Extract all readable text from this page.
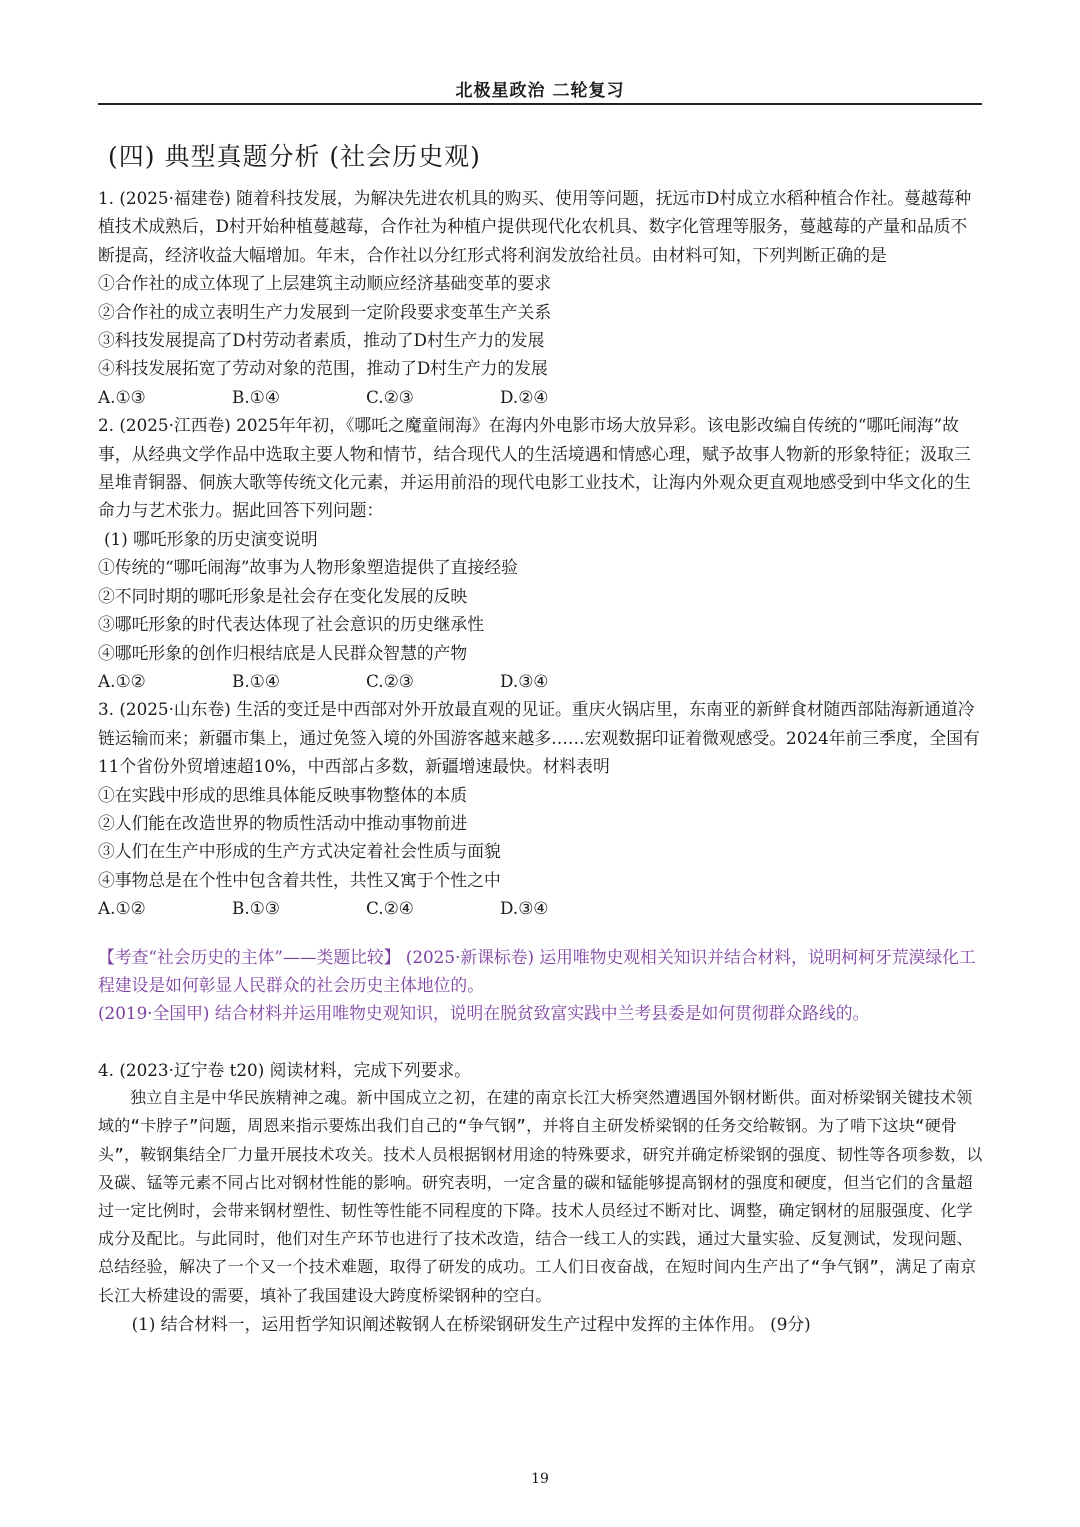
北极星政治 二轮复习
(四) 典型真题分析 (社会历史观)

1. (2025·福建卷) 随着科技发展，为解决先进农机具的购买、使用等问题，抚远市D村成立水稻种植合作社。蔓越莓种植技术成熟后，D村开始种植蔓越莓，合作社为种植户提供现代化农机具、数字化管理等服务，蔓越莓的产量和品质不断提高，经济收益大幅增加。年末，合作社以分红形式将利润发放给社员。由材料可知，下列判断正确的是

①合作社的成立体现了上层建筑主动顺应经济基础变革的要求

②合作社的成立表明生产力发展到一定阶段要求变革生产关系

③科技发展提高了D村劳动者素质，推动了D村生产力的发展

④科技发展拓宽了劳动对象的范围，推动了D村生产力的发展

A.①③	B.①④	C.②③	D.②④

2. (2025·江西卷) 2025年年初，《哪吒之魔童闹海》在海内外电影市场大放异彩。该电影改编自传统的“哪吒闹海”故事，从经典文学作品中选取主要人物和情节，结合现代人的生活境遇和情感心理，赋予故事人物新的形象特征；汲取三星堆青铜器、侗族大歌等传统文化元素，并运用前沿的现代电影工业技术，让海内外观众更直观地感受到中华文化的生命力与艺术张力。据此回答下列问题：

(1) 哪吒形象的历史演变说明

①传统的“哪吒闹海”故事为人物形象塑造提供了直接经验

②不同时期的哪吒形象是社会存在变化发展的反映

③哪吒形象的时代表达体现了社会意识的历史继承性

④哪吒形象的创作归根结底是人民群众智慧的产物

A.①②	B.①④	C.②③	D.③④

3. (2025·山东卷) 生活的变迁是中西部对外开放最直观的见证。重庆火锅店里，东南亚的新鲜食材随西部陆海新通道冷链运输而来；新疆市集上，通过免签入境的外国游客越来越多……宏观数据印证着微观感受。2024年前三季度，全国有11个省份外贸增速超10%，中西部占多数，新疆增速最快。材料表明

①在实践中形成的思维具体能反映事物整体的本质

②人们能在改造世界的物质性活动中推动事物前进

③人们在生产中形成的生产方式决定着社会性质与面貌

④事物总是在个性中包含着共性，共性又寓于个性之中

A.①②	B.①③	C.②④	D.③④

【考查“社会历史的主体”——类题比较】 (2025·新课标卷) 运用唯物史观相关知识并结合材料，说明柯柯牙荒漠绿化工程建设是如何彰显人民群众的社会历史主体地位的。

(2019·全国甲) 结合材料并运用唯物史观知识，说明在脱贫致富实践中兰考县委是如何贯彻群众路线的。

4. (2023·辽宁卷 t20) 阅读材料，完成下列要求。

独立自主是中华民族精神之魂。新中国成立之初，在建的南京长江大桥突然遭遇国外钢材断供。面对桥梁钢关键技术领域的“卡脖子”问题，周恩来指示要炼出我们自己的“争气钢”，并将自主研发桥梁钢的任务交给鞍钢。为了啃下这块“硬骨头”，鞍钢集结全厂力量开展技术攻关。技术人员根据钢材用途的特殊要求，研究并确定桥梁钢的强度、韧性等各项参数，以及碳、锰等元素不同占比对钢材性能的影响。研究表明，一定含量的碳和锰能够提高钢材的强度和硬度，但当它们的含量超过一定比例时，会带来钢材塑性、韧性等性能不同程度的下降。技术人员经过不断对比、调整，确定钢材的屈服强度、化学成分及配比。与此同时，他们对生产环节也进行了技术改造，结合一线工人的实践，通过大量实验、反复测试，发现问题、总结经验，解决了一个又一个技术难题，取得了研发的成功。工人们日夜奋战，在短时间内生产出了“争气钢”，满足了南京长江大桥建设的需要，填补了我国建设大跨度桥梁钢种的空白。

(1) 结合材料一，运用哲学知识阐述鞍钢人在桥梁钢研发生产过程中发挥的主体作用。 (9分)

19
